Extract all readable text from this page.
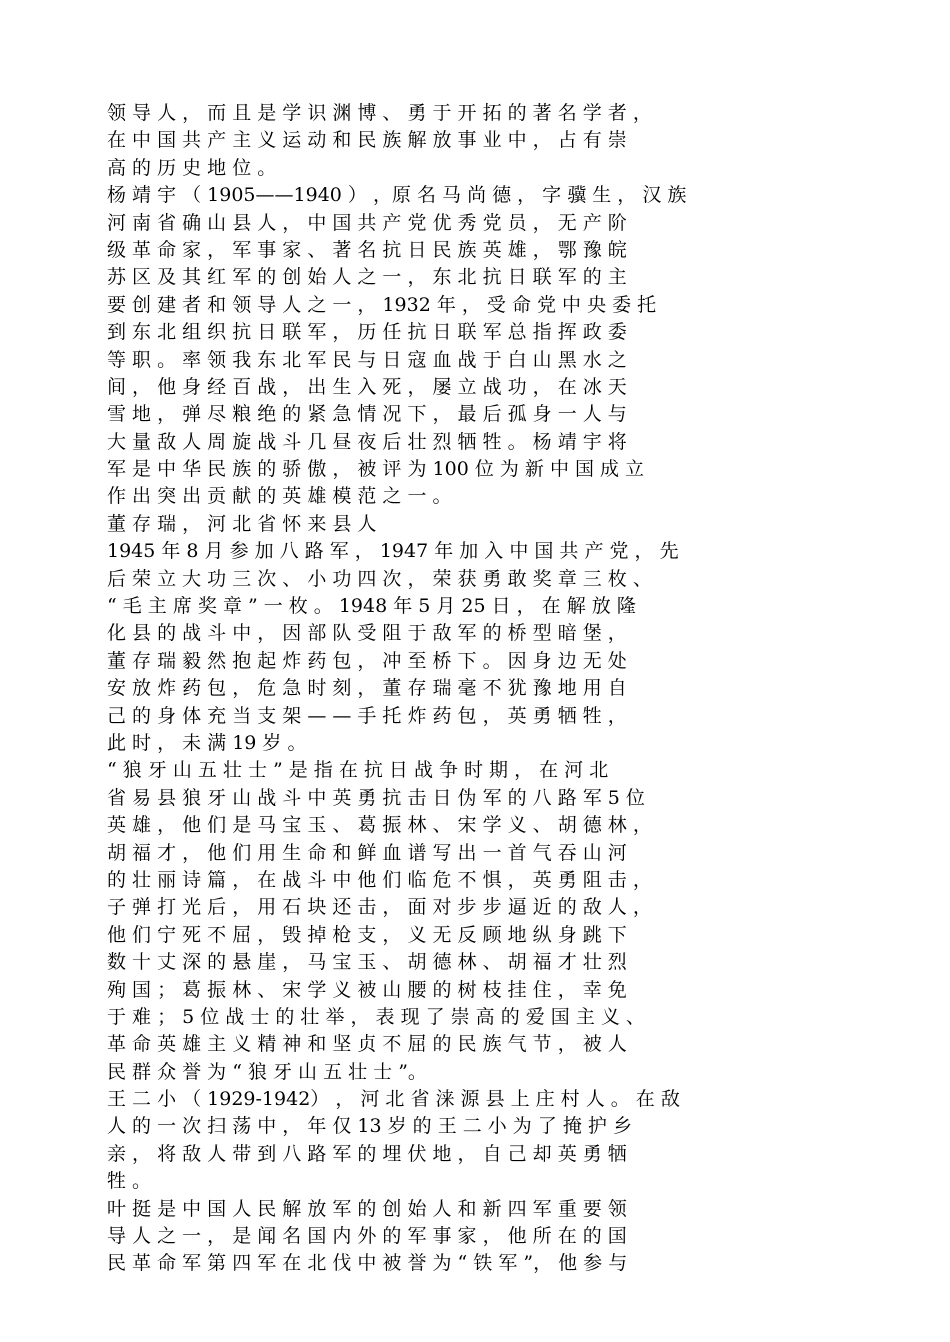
领 导 人 ， 而 且 是 学 识 渊 博 、 勇 于 开 拓 的 著 名 学 者 ，
在 中 国 共 产 主 义 运 动 和 民 族 解 放 事 业 中 ， 占 有 崇
高 的 历 史 地 位 。
杨 靖 宇 （ 1905——1940 ） ，原 名 马 尚 德 ， 字 骥 生 ， 汉 族
河 南 省 确 山 县 人 ， 中 国 共 产 党 优 秀 党 员 ， 无 产 阶
级 革 命 家 ， 军 事 家 、 著 名 抗 日 民 族 英 雄 ， 鄂 豫 皖
苏 区 及 其 红 军 的 创 始 人 之 一 ， 东 北 抗 日 联 军 的 主
要 创 建 者 和 领 导 人 之 一 ， 1932 年 ， 受 命 党 中 央 委 托
到 东 北 组 织 抗 日 联 军 ， 历 任 抗 日 联 军 总 指 挥 政 委
等 职 。 率 领 我 东 北 军 民 与 日 寇 血 战 于 白 山 黑 水 之
间 ， 他 身 经 百 战 ， 出 生 入 死 ， 屡 立 战 功 ， 在 冰 天
雪 地 ， 弹 尽 粮 绝 的 紧 急 情 况 下 ， 最 后 孤 身 一 人 与
大 量 敌 人 周 旋 战 斗 几 昼 夜 后 壮 烈 牺 牲 。 杨 靖 宇 将
军 是 中 华 民 族 的 骄 傲 ， 被 评 为 100 位 为 新 中 国 成 立
作 出 突 出 贡 献 的 英 雄 模 范 之 一 。
董 存 瑞 ， 河 北 省 怀 来 县 人
1945 年 8 月 参 加 八 路 军 ， 1947 年 加 入 中 国 共 产 党 ， 先
后 荣 立 大 功 三 次 、 小 功 四 次 ， 荣 获 勇 敢 奖 章 三 枚 、
“ 毛 主 席 奖 章 ” 一 枚 。 1948 年 5 月 25 日 ， 在 解 放 隆
化 县 的 战 斗 中 ， 因 部 队 受 阻 于 敌 军 的 桥 型 暗 堡 ，
董 存 瑞 毅 然 抱 起 炸 药 包 ， 冲 至 桥 下 。 因 身 边 无 处
安 放 炸 药 包 ， 危 急 时 刻 ， 董 存 瑞 毫 不 犹 豫 地 用 自
己 的 身 体 充 当 支 架 — — 手 托 炸 药 包 ， 英 勇 牺 牲 ，
此 时 ， 未 满 19 岁 。
“ 狼 牙 山 五 壮 士 ” 是 指 在 抗 日 战 争 时 期 ， 在 河 北
省 易 县 狼 牙 山 战 斗 中 英 勇 抗 击 日 伪 军 的 八 路 军 5 位
英 雄 ， 他 们 是 马 宝 玉 、 葛 振 林 、 宋 学 义 、 胡 德 林 ，
胡 福 才 ， 他 们 用 生 命 和 鲜 血 谱 写 出 一 首 气 吞 山 河
的 壮 丽 诗 篇 ， 在 战 斗 中 他 们 临 危 不 惧 ， 英 勇 阻 击 ，
子 弹 打 光 后 ， 用 石 块 还 击 ， 面 对 步 步 逼 近 的 敌 人 ，
他 们 宁 死 不 屈 ， 毁 掉 枪 支 ， 义 无 反 顾 地 纵 身 跳 下
数 十 丈 深 的 悬 崖 ， 马 宝 玉 、 胡 德 林 、 胡 福 才 壮 烈
殉 国 ； 葛 振 林 、 宋 学 义 被 山 腰 的 树 枝 挂 住 ， 幸 免
于 难 ； 5 位 战 士 的 壮 举 ， 表 现 了 崇 高 的 爱 国 主 义 、
革 命 英 雄 主 义 精 神 和 坚 贞 不 屈 的 民 族 气 节 ， 被 人
民 群 众 誉 为 “ 狼 牙 山 五 壮 士 ”。
王 二 小 （ 1929-1942） ， 河 北 省 涞 源 县 上 庄 村 人 。 在 敌
人 的 一 次 扫 荡 中 ， 年 仅 13 岁 的 王 二 小 为 了 掩 护 乡
亲 ， 将 敌 人 带 到 八 路 军 的 埋 伏 地 ， 自 己 却 英 勇 牺
牲 。
叶 挺 是 中 国 人 民 解 放 军 的 创 始 人 和 新 四 军 重 要 领
导 人 之 一 ， 是 闻 名 国 内 外 的 军 事 家 ， 他 所 在 的 国
民 革 命 军 第 四 军 在 北 伐 中 被 誉 为 “ 铁 军 ”， 他 参 与
